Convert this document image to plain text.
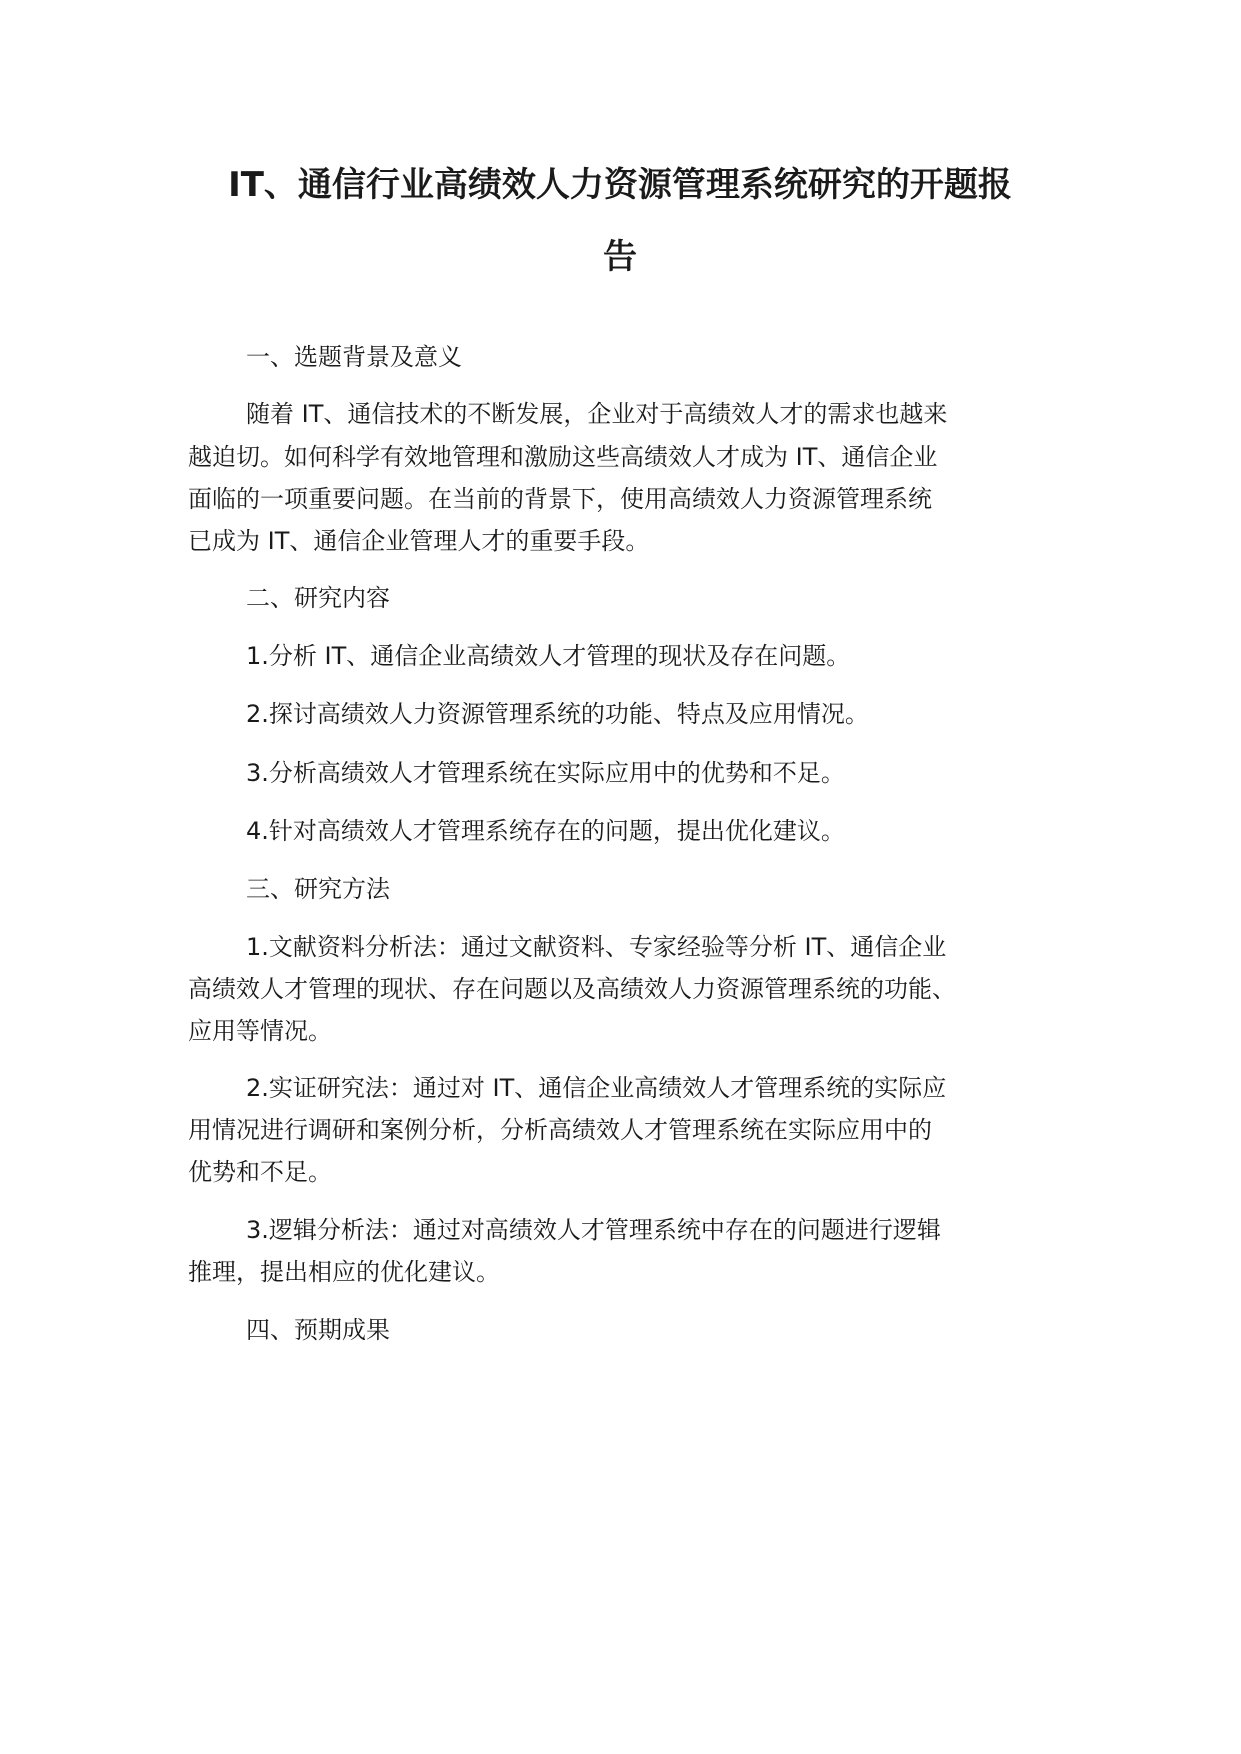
IT、通信行业高绩效人力资源管理系统研究的开题报
告
一、选题背景及意义
随着 IT、通信技术的不断发展，企业对于高绩效人才的需求也越来
越迫切。如何科学有效地管理和激励这些高绩效人才成为 IT、通信企业
面临的一项重要问题。在当前的背景下，使用高绩效人力资源管理系统
已成为 IT、通信企业管理人才的重要手段。
二、研究内容
1.分析 IT、通信企业高绩效人才管理的现状及存在问题。
2.探讨高绩效人力资源管理系统的功能、特点及应用情况。
3.分析高绩效人才管理系统在实际应用中的优势和不足。
4.针对高绩效人才管理系统存在的问题，提出优化建议。
三、研究方法
1.文献资料分析法：通过文献资料、专家经验等分析 IT、通信企业
高绩效人才管理的现状、存在问题以及高绩效人力资源管理系统的功能、
应用等情况。
2.实证研究法：通过对 IT、通信企业高绩效人才管理系统的实际应
用情况进行调研和案例分析，分析高绩效人才管理系统在实际应用中的
优势和不足。
3.逻辑分析法：通过对高绩效人才管理系统中存在的问题进行逻辑
推理，提出相应的优化建议。
四、预期成果
